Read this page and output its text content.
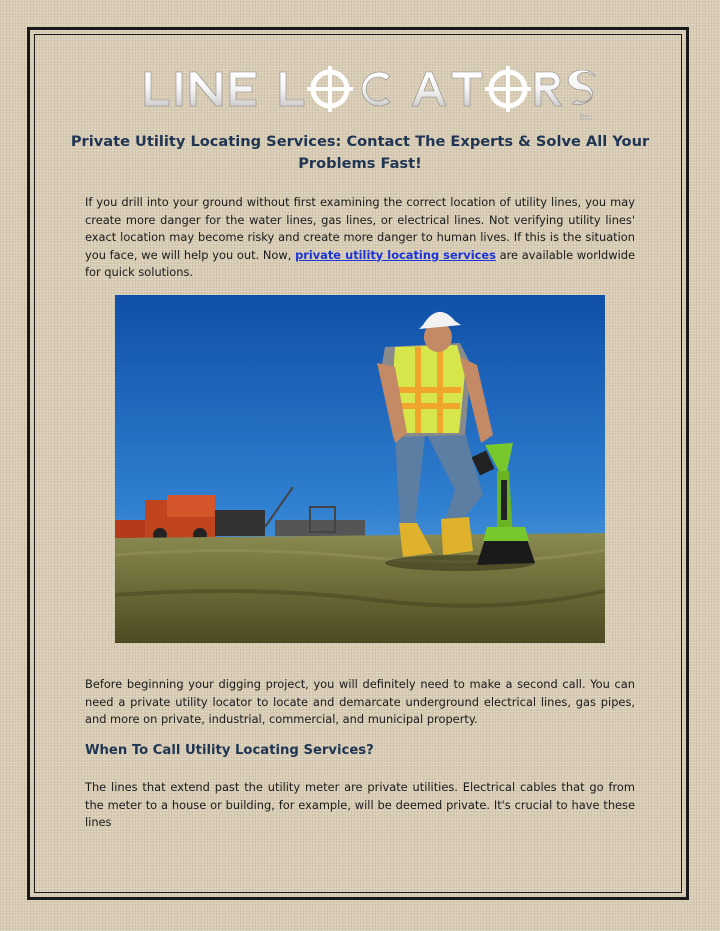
inc
Private Utility Locating Services: Contact The Experts & Solve All Your Problems Fast!

If you drill into your ground without first examining the correct location of utility lines, you may create more danger for the water lines, gas lines, or electrical lines. Not verifying utility lines' exact location may become risky and create more danger to human lives. If this is the situation you face, we will help you out. Now, private utility locating services are available worldwide for quick solutions.

Before beginning your digging project, you will definitely need to make a second call. You can need a private utility locator to locate and demarcate underground electrical lines, gas pipes, and more on private, industrial, commercial, and municipal property.

When To Call Utility Locating Services?

The lines that extend past the utility meter are private utilities. Electrical cables that go from the meter to a house or building, for example, will be deemed private. It's crucial to have these lines
